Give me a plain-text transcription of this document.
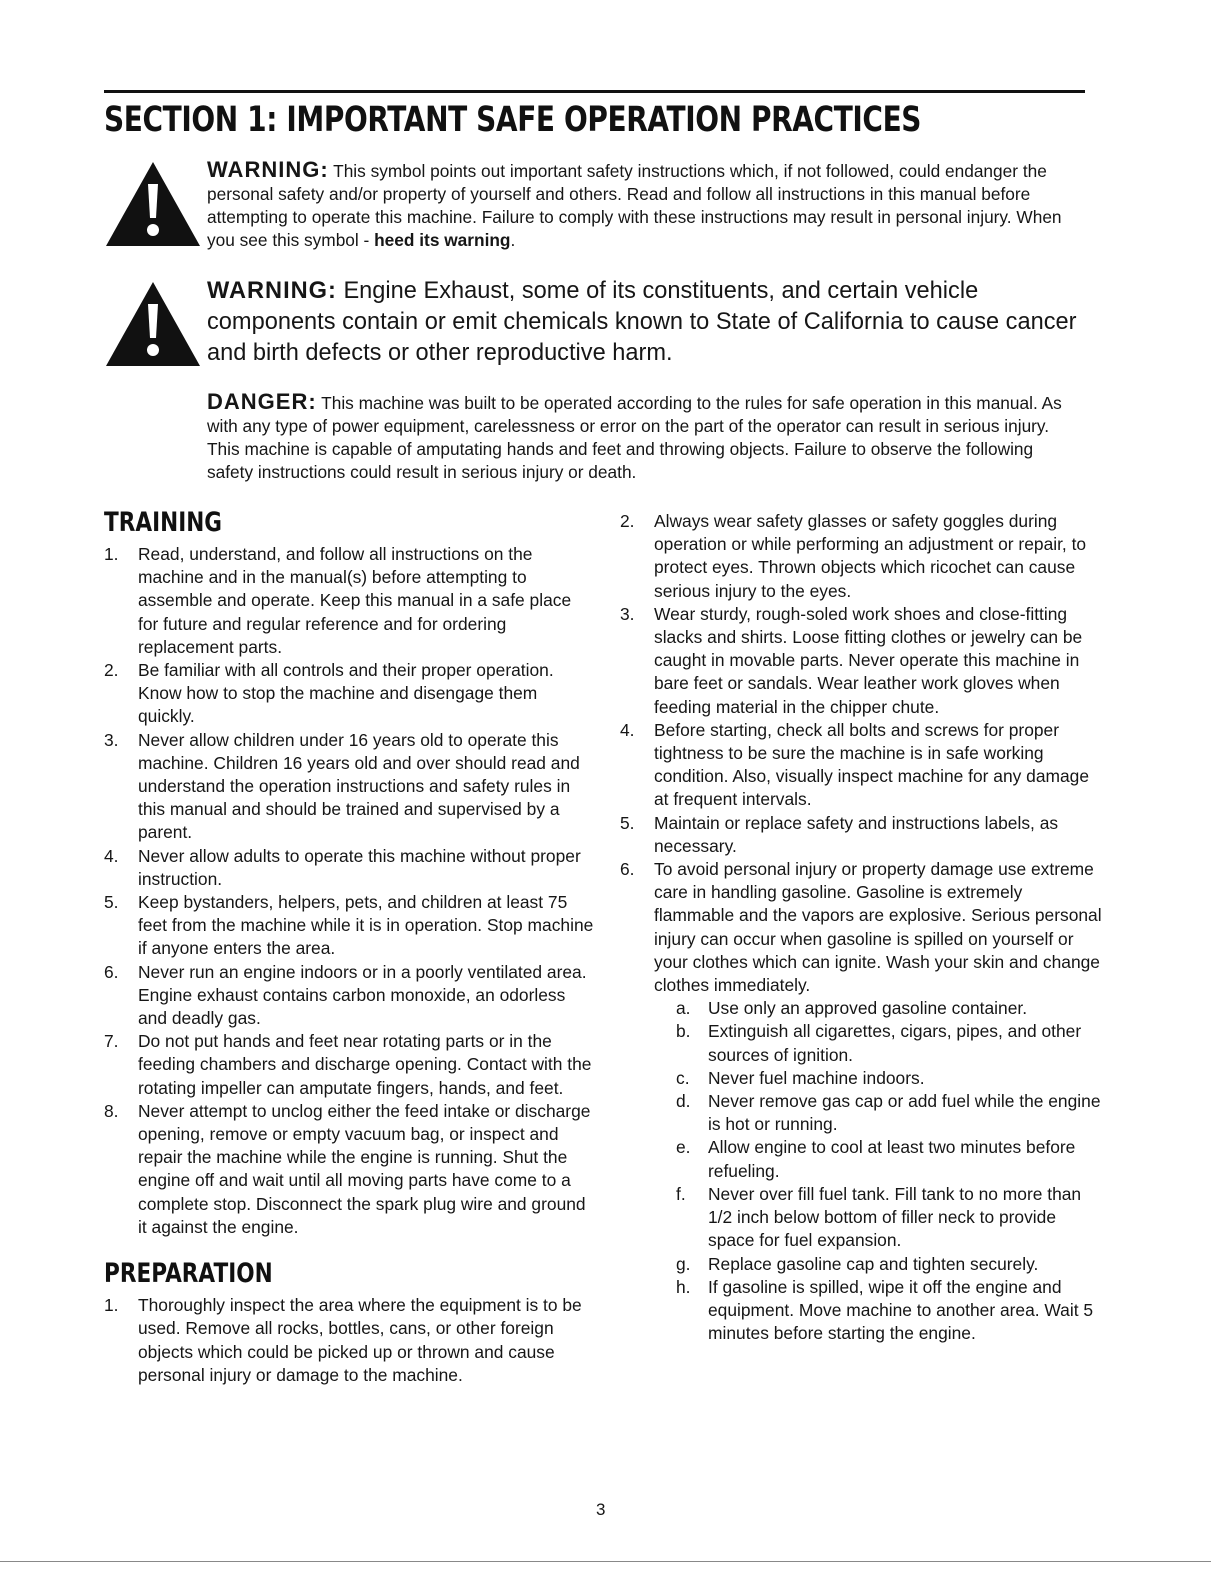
SECTION 1: IMPORTANT SAFE OPERATION PRACTICES

WARNING: This symbol points out important safety instructions which, if not followed, could endanger the personal safety and/or property of yourself and others. Read and follow all instructions in this manual before attempting to operate this machine. Failure to comply with these instructions may result in personal injury. When you see this symbol - heed its warning.

WARNING: Engine Exhaust, some of its constituents, and certain vehicle components contain or emit chemicals known to State of California to cause cancer and birth defects or other reproductive harm.

DANGER: This machine was built to be operated according to the rules for safe operation in this manual. As with any type of power equipment, carelessness or error on the part of the operator can result in serious injury. This machine is capable of amputating hands and feet and throwing objects. Failure to observe the following safety instructions could result in serious injury or death.

TRAINING
1. Read, understand, and follow all instructions on the machine and in the manual(s) before attempting to assemble and operate. Keep this manual in a safe place for future and regular reference and for ordering replacement parts.
2. Be familiar with all controls and their proper operation. Know how to stop the machine and disengage them quickly.
3. Never allow children under 16 years old to operate this machine. Children 16 years old and over should read and understand the operation instructions and safety rules in this manual and should be trained and supervised by a parent.
4. Never allow adults to operate this machine without proper instruction.
5. Keep bystanders, helpers, pets, and children at least 75 feet from the machine while it is in operation. Stop machine if anyone enters the area.
6. Never run an engine indoors or in a poorly ventilated area. Engine exhaust contains carbon monoxide, an odorless and deadly gas.
7. Do not put hands and feet near rotating parts or in the feeding chambers and discharge opening. Contact with the rotating impeller can amputate fingers, hands, and feet.
8. Never attempt to unclog either the feed intake or discharge opening, remove or empty vacuum bag, or inspect and repair the machine while the engine is running. Shut the engine off and wait until all moving parts have come to a complete stop. Disconnect the spark plug wire and ground it against the engine.
PREPARATION
1. Thoroughly inspect the area where the equipment is to be used. Remove all rocks, bottles, cans, or other foreign objects which could be picked up or thrown and cause personal injury or damage to the machine.
2. Always wear safety glasses or safety goggles during operation or while performing an adjustment or repair, to protect eyes. Thrown objects which ricochet can cause serious injury to the eyes.
3. Wear sturdy, rough-soled work shoes and close-fitting slacks and shirts. Loose fitting clothes or jewelry can be caught in movable parts. Never operate this machine in bare feet or sandals. Wear leather work gloves when feeding material in the chipper chute.
4. Before starting, check all bolts and screws for proper tightness to be sure the machine is in safe working condition. Also, visually inspect machine for any damage at frequent intervals.
5. Maintain or replace safety and instructions labels, as necessary.
6. To avoid personal injury or property damage use extreme care in handling gasoline. Gasoline is extremely flammable and the vapors are explosive. Serious personal injury can occur when gasoline is spilled on yourself or your clothes which can ignite. Wash your skin and change clothes immediately.
a. Use only an approved gasoline container.
b. Extinguish all cigarettes, cigars, pipes, and other sources of ignition.
c. Never fuel machine indoors.
d. Never remove gas cap or add fuel while the engine is hot or running.
e. Allow engine to cool at least two minutes before refueling.
f. Never over fill fuel tank. Fill tank to no more than 1/2 inch below bottom of filler neck to provide space for fuel expansion.
g. Replace gasoline cap and tighten securely.
h. If gasoline is spilled, wipe it off the engine and equipment. Move machine to another area. Wait 5 minutes before starting the engine.
3
